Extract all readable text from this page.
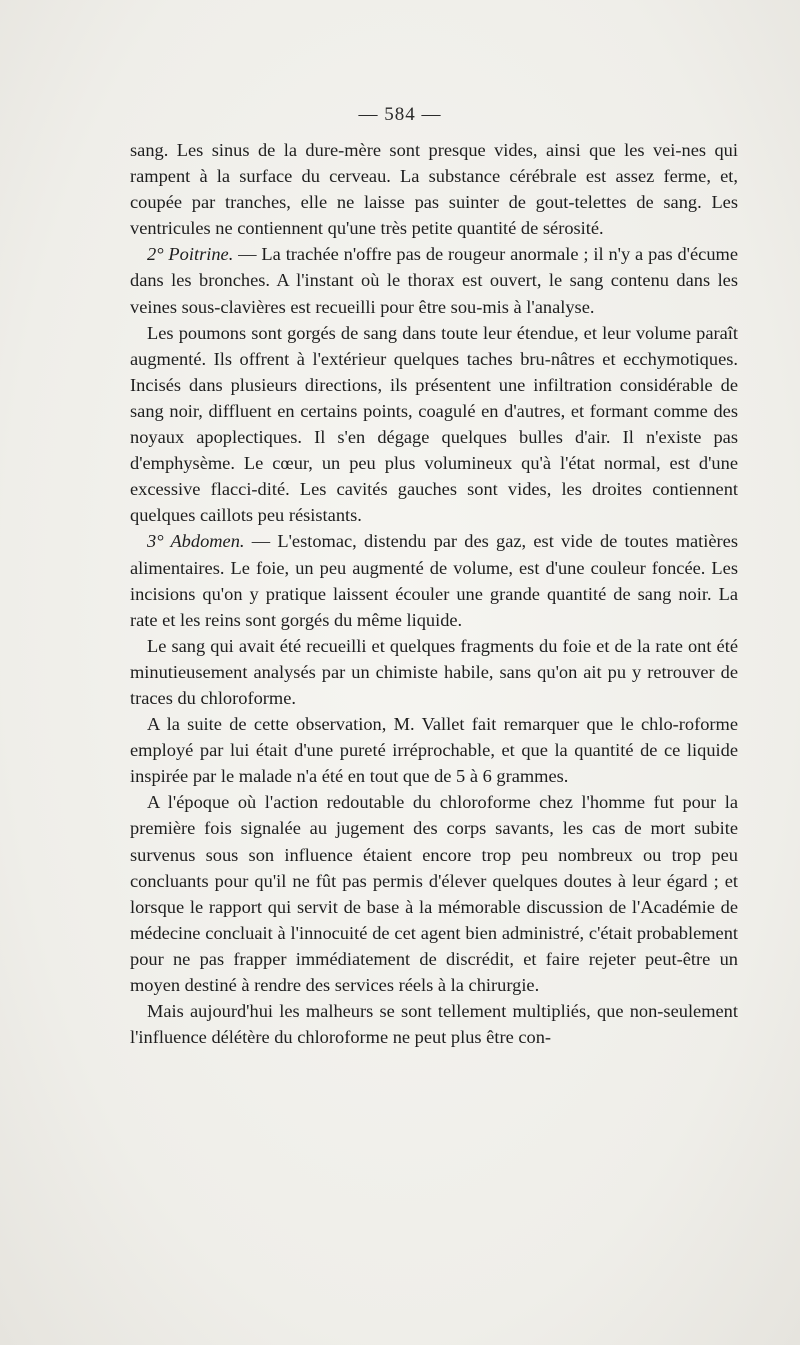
— 584 —

sang. Les sinus de la dure-mère sont presque vides, ainsi que les vei-nes qui rampent à la surface du cerveau. La substance cérébrale est assez ferme, et, coupée par tranches, elle ne laisse pas suinter de gout-telettes de sang. Les ventricules ne contiennent qu'une très petite quantité de sérosité.

2° Poitrine. — La trachée n'offre pas de rougeur anormale ; il n'y a pas d'écume dans les bronches. A l'instant où le thorax est ouvert, le sang contenu dans les veines sous-clavières est recueilli pour être sou-mis à l'analyse.

Les poumons sont gorgés de sang dans toute leur étendue, et leur volume paraît augmenté. Ils offrent à l'extérieur quelques taches bru-nâtres et ecchymotiques. Incisés dans plusieurs directions, ils présentent une infiltration considérable de sang noir, diffluent en certains points, coagulé en d'autres, et formant comme des noyaux apoplectiques. Il s'en dégage quelques bulles d'air. Il n'existe pas d'emphysème. Le cœur, un peu plus volumineux qu'à l'état normal, est d'une excessive flacci-dité. Les cavités gauches sont vides, les droites contiennent quelques caillots peu résistants.

3° Abdomen. — L'estomac, distendu par des gaz, est vide de toutes matières alimentaires. Le foie, un peu augmenté de volume, est d'une couleur foncée. Les incisions qu'on y pratique laissent écouler une grande quantité de sang noir. La rate et les reins sont gorgés du même liquide.

Le sang qui avait été recueilli et quelques fragments du foie et de la rate ont été minutieusement analysés par un chimiste habile, sans qu'on ait pu y retrouver de traces du chloroforme.

A la suite de cette observation, M. Vallet fait remarquer que le chlo-roforme employé par lui était d'une pureté irréprochable, et que la quantité de ce liquide inspirée par le malade n'a été en tout que de 5 à 6 grammes.

A l'époque où l'action redoutable du chloroforme chez l'homme fut pour la première fois signalée au jugement des corps savants, les cas de mort subite survenus sous son influence étaient encore trop peu nombreux ou trop peu concluants pour qu'il ne fût pas permis d'élever quelques doutes à leur égard ; et lorsque le rapport qui servit de base à la mémorable discussion de l'Académie de médecine concluait à l'innocuité de cet agent bien administré, c'était probablement pour ne pas frapper immédiatement de discrédit, et faire rejeter peut-être un moyen destiné à rendre des services réels à la chirurgie.

Mais aujourd'hui les malheurs se sont tellement multipliés, que non-seulement l'influence délétère du chloroforme ne peut plus être con-
